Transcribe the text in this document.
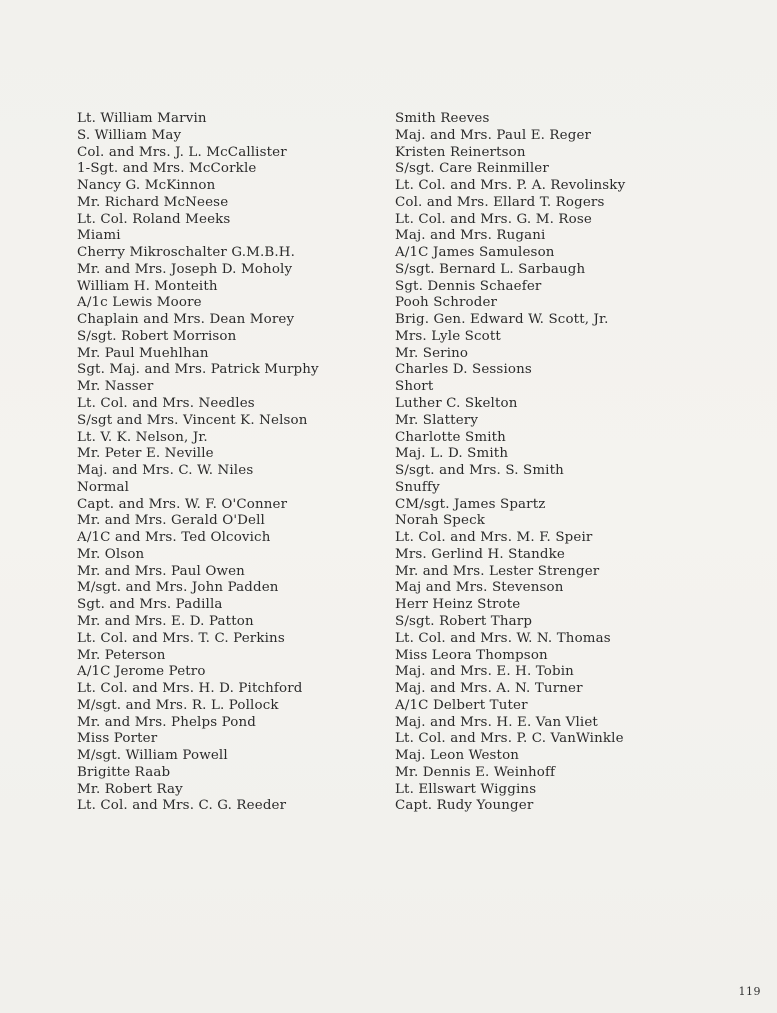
Lt. William Marvin
S. William May
Col. and Mrs. J. L. McCallister
1-Sgt. and Mrs. McCorkle
Nancy G. McKinnon
Mr. Richard McNeese
Lt. Col. Roland Meeks
Miami
Cherry Mikroschalter G.M.B.H.
Mr. and Mrs. Joseph D. Moholy
William H. Monteith
A/1c Lewis Moore
Chaplain and Mrs. Dean Morey
S/sgt. Robert Morrison
Mr. Paul Muehlhan
Sgt. Maj. and Mrs. Patrick Murphy
Mr. Nasser
Lt. Col. and Mrs. Needles
S/sgt and Mrs. Vincent K. Nelson
Lt. V. K. Nelson, Jr.
Mr. Peter E. Neville
Maj. and Mrs. C. W. Niles
Normal
Capt. and Mrs. W. F. O'Conner
Mr. and Mrs. Gerald O'Dell
A/1C and Mrs. Ted Olcovich
Mr. Olson
Mr. and Mrs. Paul Owen
M/sgt. and Mrs. John Padden
Sgt. and Mrs. Padilla
Mr. and Mrs. E. D. Patton
Lt. Col. and Mrs. T. C. Perkins
Mr. Peterson
A/1C Jerome Petro
Lt. Col. and Mrs. H. D. Pitchford
M/sgt. and Mrs. R. L. Pollock
Mr. and Mrs. Phelps Pond
Miss Porter
M/sgt. William Powell
Brigitte Raab
Mr. Robert Ray
Lt. Col. and Mrs. C. G. Reeder
Smith Reeves
Maj. and Mrs. Paul E. Reger
Kristen Reinertson
S/sgt. Care Reinmiller
Lt. Col. and Mrs. P. A. Revolinsky
Col. and Mrs. Ellard T. Rogers
Lt. Col. and Mrs. G. M. Rose
Maj. and Mrs. Rugani
A/1C James Samuleson
S/sgt. Bernard L. Sarbaugh
Sgt. Dennis Schaefer
Pooh Schroder
Brig. Gen. Edward W. Scott, Jr.
Mrs. Lyle Scott
Mr. Serino
Charles D. Sessions
Short
Luther C. Skelton
Mr. Slattery
Charlotte Smith
Maj. L. D. Smith
S/sgt. and Mrs. S. Smith
Snuffy
CM/sgt. James Spartz
Norah Speck
Lt. Col. and Mrs. M. F. Speir
Mrs. Gerlind H. Standke
Mr. and Mrs. Lester Strenger
Maj and Mrs. Stevenson
Herr Heinz Strote
S/sgt. Robert Tharp
Lt. Col. and Mrs. W. N. Thomas
Miss Leora Thompson
Maj. and Mrs. E. H. Tobin
Maj. and Mrs. A. N. Turner
A/1C Delbert Tuter
Maj. and Mrs. H. E. Van Vliet
Lt. Col. and Mrs. P. C. VanWinkle
Maj. Leon Weston
Mr. Dennis E. Weinhoff
Lt. Ellswart Wiggins
Capt. Rudy Younger
119
